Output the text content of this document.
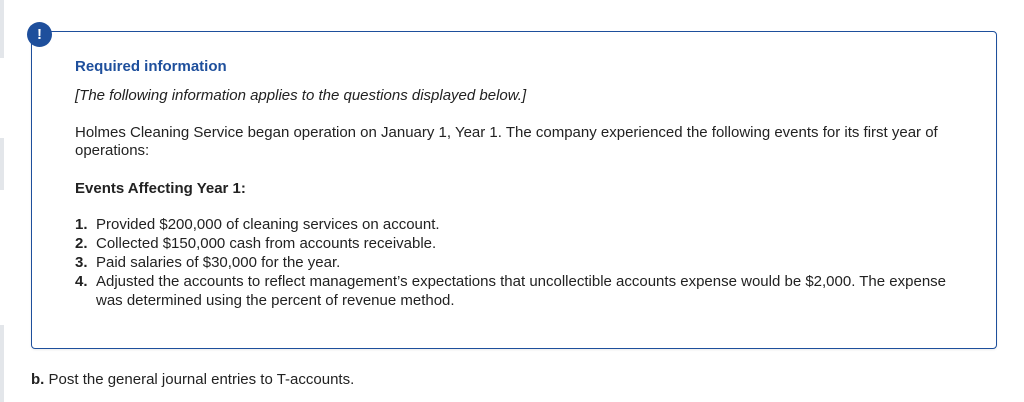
!

Required information

[The following information applies to the questions displayed below.]

Holmes Cleaning Service began operation on January 1, Year 1. The company experienced the following events for its first year of operations:

Events Affecting Year 1:

1. Provided $200,000 of cleaning services on account.
2. Collected $150,000 cash from accounts receivable.
3. Paid salaries of $30,000 for the year.
4. Adjusted the accounts to reflect management’s expectations that uncollectible accounts expense would be $2,000. The expense was determined using the percent of revenue method.

b. Post the general journal entries to T-accounts.
